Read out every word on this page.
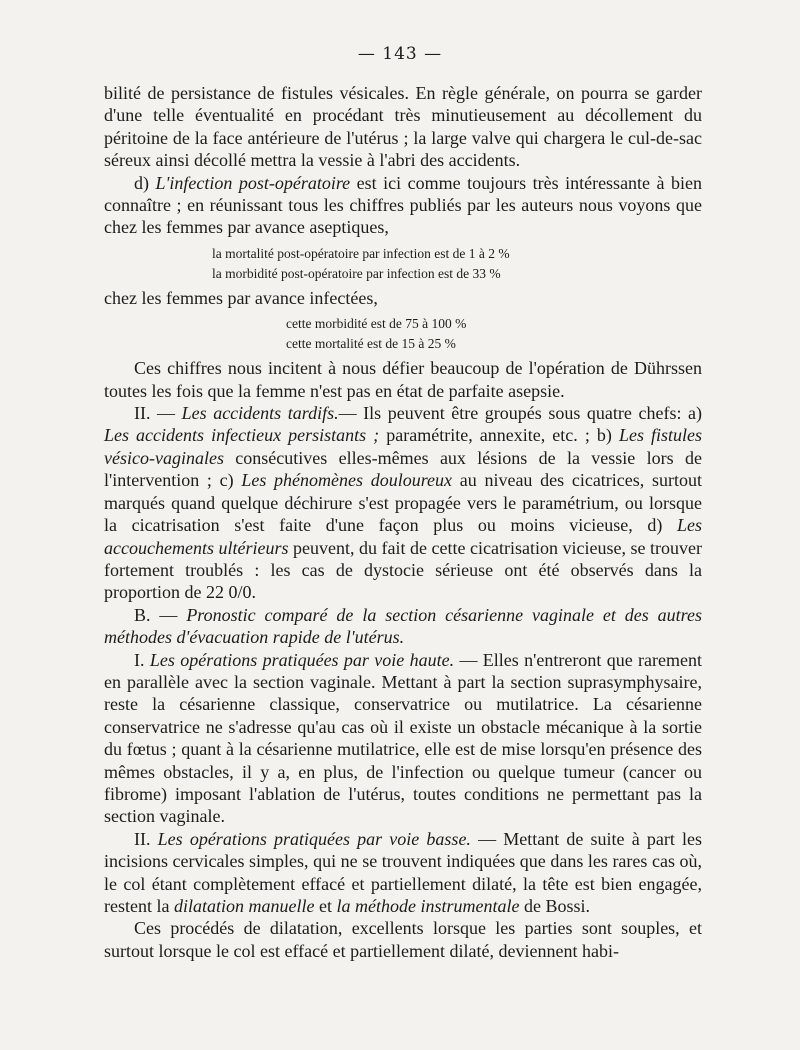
— 143 —

bilité de persistance de fistules vésicales. En règle générale, on pourra se garder d'une telle éventualité en procédant très minutieusement au décollement du péritoine de la face antérieure de l'utérus ; la large valve qui chargera le cul-de-sac séreux ainsi décollé mettra la vessie à l'abri des accidents.

d) L'infection post-opératoire est ici comme toujours très intéressante à bien connaître ; en réunissant tous les chiffres publiés par les auteurs nous voyons que chez les femmes par avance aseptiques,

la mortalité post-opératoire par infection est de 1 à 2 %
la morbidité post-opératoire par infection est de 33 %

chez les femmes par avance infectées,

cette morbidité est de 75 à 100 %
cette mortalité est de 15 à 25 %

Ces chiffres nous incitent à nous défier beaucoup de l'opération de Dührssen toutes les fois que la femme n'est pas en état de parfaite asepsie.

II. — Les accidents tardifs.— Ils peuvent être groupés sous quatre chefs: a) Les accidents infectieux persistants ; paramétrite, annexite, etc. ; b) Les fistules vésico-vaginales consécutives elles-mêmes aux lésions de la vessie lors de l'intervention ; c) Les phénomènes douloureux au niveau des cicatrices, surtout marqués quand quelque déchirure s'est propagée vers le paramétrium, ou lorsque la cicatrisation s'est faite d'une façon plus ou moins vicieuse, d) Les accouchements ultérieurs peuvent, du fait de cette cicatrisation vicieuse, se trouver fortement troublés : les cas de dystocie sérieuse ont été observés dans la proportion de 22 0/0.

B. — Pronostic comparé de la section césarienne vaginale et des autres méthodes d'évacuation rapide de l'utérus.

I. Les opérations pratiquées par voie haute. — Elles n'entreront que rarement en parallèle avec la section vaginale. Mettant à part la section suprasymphysaire, reste la césarienne classique, conservatrice ou mutilatrice. La césarienne conservatrice ne s'adresse qu'au cas où il existe un obstacle mécanique à la sortie du fœtus ; quant à la césarienne mutilatrice, elle est de mise lorsqu'en présence des mêmes obstacles, il y a, en plus, de l'infection ou quelque tumeur (cancer ou fibrome) imposant l'ablation de l'utérus, toutes conditions ne permettant pas la section vaginale.

II. Les opérations pratiquées par voie basse. — Mettant de suite à part les incisions cervicales simples, qui ne se trouvent indiquées que dans les rares cas où, le col étant complètement effacé et partiellement dilaté, la tête est bien engagée, restent la dilatation manuelle et la méthode instrumentale de Bossi.

Ces procédés de dilatation, excellents lorsque les parties sont souples, et surtout lorsque le col est effacé et partiellement dilaté, deviennent habi-
